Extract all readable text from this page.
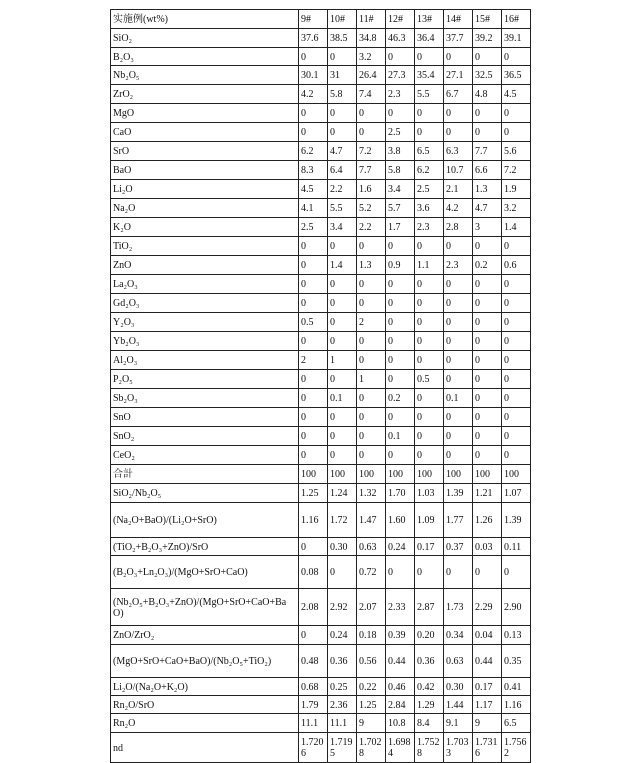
实施例(wt%)	9#	10#	11#	12#	13#	14#	15#	16#
SiO₂	37.6	38.5	34.8	46.3	36.4	37.7	39.2	39.1
B₂O₃	0	0	3.2	0	0	0	0	0
Nb₂O₅	30.1	31	26.4	27.3	35.4	27.1	32.5	36.5
ZrO₂	4.2	5.8	7.4	2.3	5.5	6.7	4.8	4.5
MgO	0	0	0	0	0	0	0	0
CaO	0	0	0	2.5	0	0	0	0
SrO	6.2	4.7	7.2	3.8	6.5	6.3	7.7	5.6
BaO	8.3	6.4	7.7	5.8	6.2	10.7	6.6	7.2
Li₂O	4.5	2.2	1.6	3.4	2.5	2.1	1.3	1.9
Na₂O	4.1	5.5	5.2	5.7	3.6	4.2	4.7	3.2
K₂O	2.5	3.4	2.2	1.7	2.3	2.8	3	1.4
TiO₂	0	0	0	0	0	0	0	0
ZnO	0	1.4	1.3	0.9	1.1	2.3	0.2	0.6
La₂O₃	0	0	0	0	0	0	0	0
Gd₂O₃	0	0	0	0	0	0	0	0
Y₂O₃	0.5	0	2	0	0	0	0	0
Yb₂O₃	0	0	0	0	0	0	0	0
Al₂O₃	2	1	0	0	0	0	0	0
P₂O₅	0	0	1	0	0.5	0	0	0
Sb₂O₃	0	0.1	0	0.2	0	0.1	0	0
SnO	0	0	0	0	0	0	0	0
SnO₂	0	0	0	0.1	0	0	0	0
CeO₂	0	0	0	0	0	0	0	0
合計	100	100	100	100	100	100	100	100
SiO₂/Nb₂O₅	1.25	1.24	1.32	1.70	1.03	1.39	1.21	1.07
(Na₂O+BaO)/(Li₂O+SrO)	1.16	1.72	1.47	1.60	1.09	1.77	1.26	1.39
(TiO₂+B₂O₃+ZnO)/SrO	0	0.30	0.63	0.24	0.17	0.37	0.03	0.11
(B₂O₃+Ln₂O₃)/(MgO+SrO+CaO)	0.08	0	0.72	0	0	0	0	0
(Nb₂O₅+B₂O₃+ZnO)/(MgO+SrO+CaO+BaO)	2.08	2.92	2.07	2.33	2.87	1.73	2.29	2.90
ZnO/ZrO₂	0	0.24	0.18	0.39	0.20	0.34	0.04	0.13
(MgO+SrO+CaO+BaO)/(Nb₂O₅+TiO₂)	0.48	0.36	0.56	0.44	0.36	0.63	0.44	0.35
Li₂O/(Na₂O+K₂O)	0.68	0.25	0.22	0.46	0.42	0.30	0.17	0.41
Rn₂O/SrO	1.79	2.36	1.25	2.84	1.29	1.44	1.17	1.16
Rn₂O	11.1	11.1	9	10.8	8.4	9.1	9	6.5
nd	1.7206	1.7195	1.7028	1.6984	1.7528	1.7033	1.7316	1.7562
